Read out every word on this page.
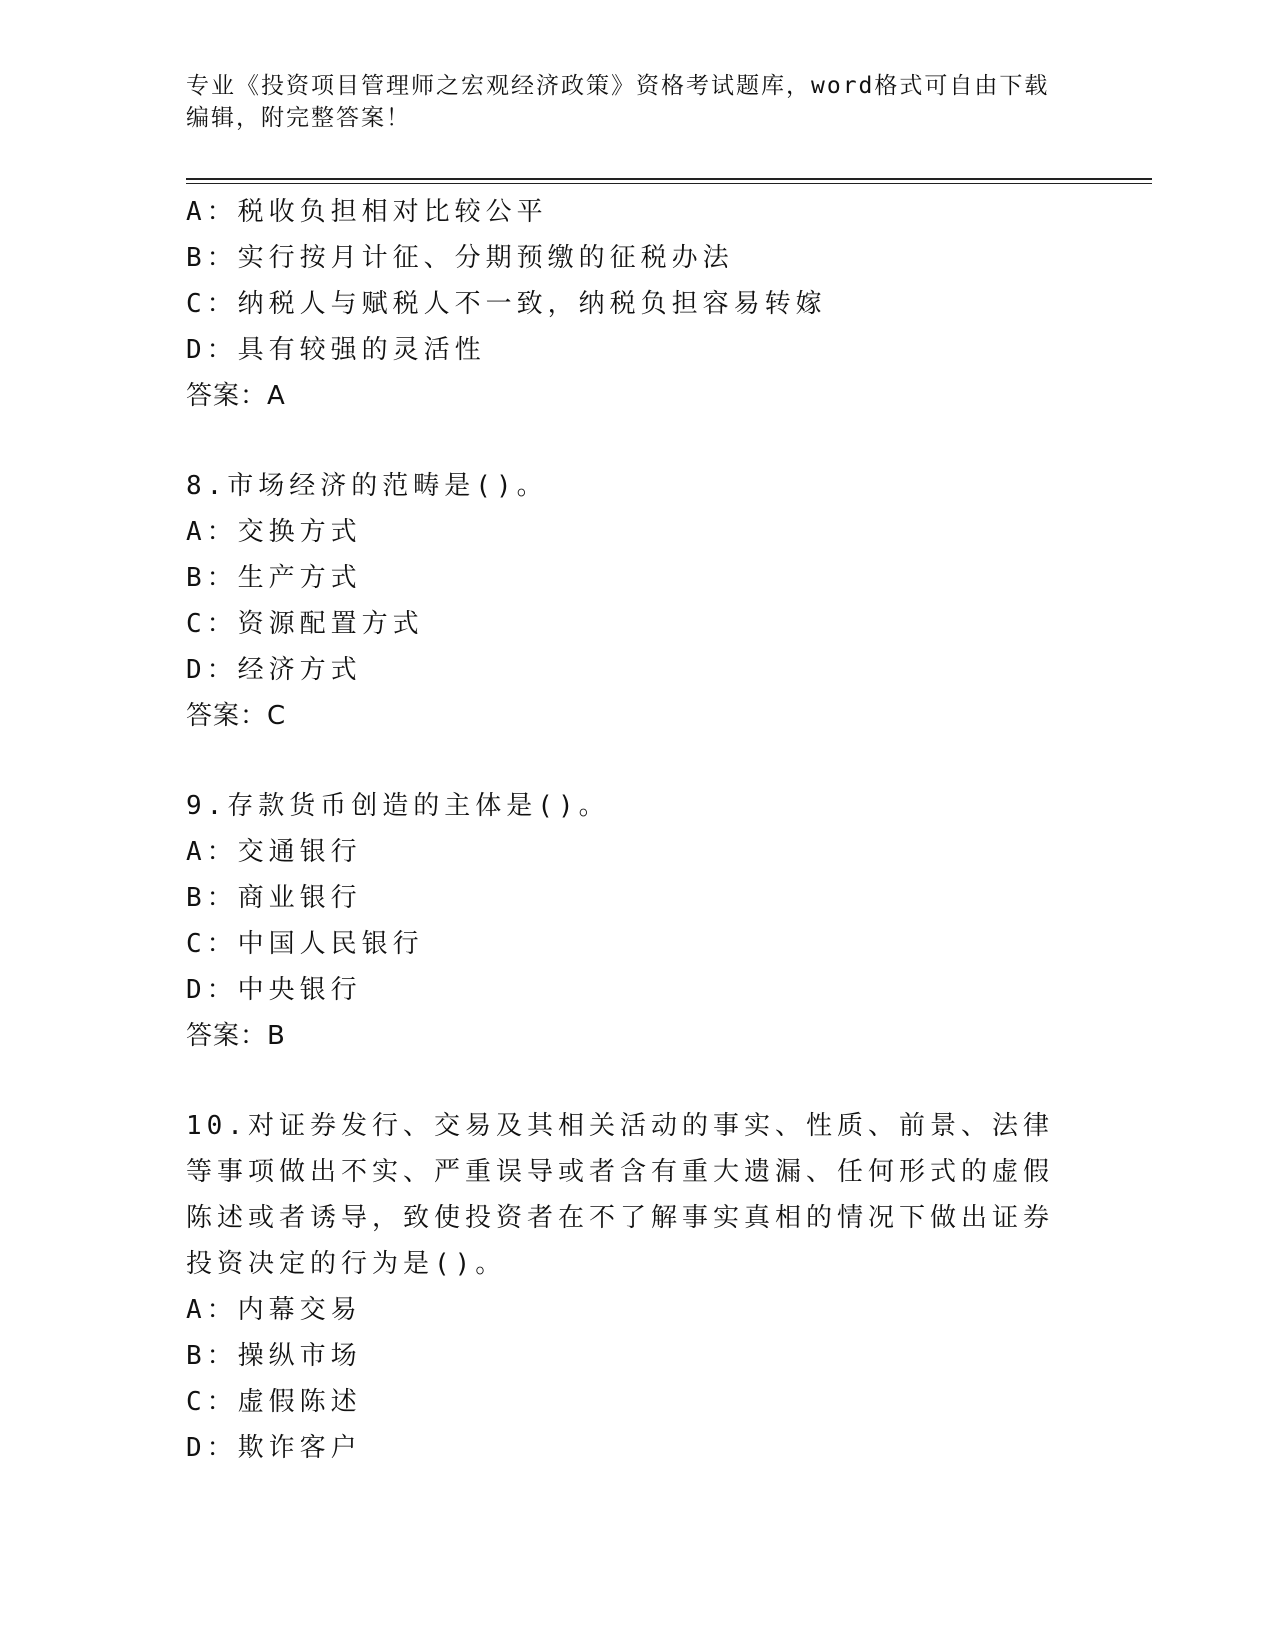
专业《投资项目管理师之宏观经济政策》资格考试题库，word格式可自由下载编辑，附完整答案！
A：税收负担相对比较公平
B：实行按月计征、分期预缴的征税办法
C：纳税人与赋税人不一致，纳税负担容易转嫁
D：具有较强的灵活性
答案：A
8.市场经济的范畴是()。
A：交换方式
B：生产方式
C：资源配置方式
D：经济方式
答案：C
9.存款货币创造的主体是()。
A：交通银行
B：商业银行
C：中国人民银行
D：中央银行
答案：B
10.对证券发行、交易及其相关活动的事实、性质、前景、法律等事项做出不实、严重误导或者含有重大遗漏、任何形式的虚假陈述或者诱导，致使投资者在不了解事实真相的情况下做出证券投资决定的行为是()。
A：内幕交易
B：操纵市场
C：虚假陈述
D：欺诈客户
